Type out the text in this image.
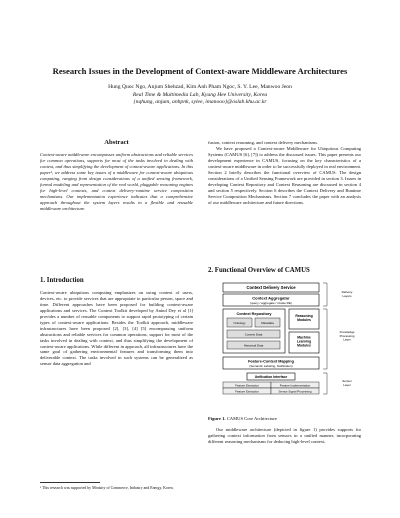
Research Issues in the Development of Context-aware Middleware Architectures
Hung Quoc Ngo, Anjum Shehzad, Kim Anh Pham Ngoc, S. Y. Lee, Manwoo Jeon
Real Time & Multimedia Lab, Kyung Hee University, Korea
{nqhung, anjum, anhpnk, sylee, imanooo}@oslab.khu.ac.kr
Abstract

Context-aware middleware encompasses uniform abstractions and reliable services for common operations, supports for most of the tasks involved in dealing with context, and thus simplifying the development of context-aware applications. In this paper¹, we address some key issues of a middleware for context-aware ubiquitous computing, ranging from design considerations of a unified sensing framework, formal modeling and representation of the real world, pluggable reasoning engines for high-level contexts, and context delivery-runtime service composition mechanisms. Our implementation experience indicates that a comprehensive approach throughout the system layers results in a flexible and reusable middleware architecture.

1. Introduction

Context-aware ubiquitous computing emphasizes on using context of users, devices, etc. to provide services that are appropriate to particular person, space and time. Different approaches have been proposed for building context-aware applications and services. The Context Toolkit developed by Anind Dey et al [1] provides a number of reusable components to support rapid prototyping of certain types of context-aware applications. Besides the Toolkit approach, middleware infrastructures have been proposed [2], [3], [4] [5] encompassing uniform abstractions and reliable services for common operations, support for most of the tasks involved in dealing with context, and thus simplifying the development of context-aware applications. While different in approach, all infrastructures have the same goal of gathering environmental features and transforming them into deliverable context. The tasks involved in such systems can be generalized as sensor data aggregation and

¹ This research was supported by Ministry of Commerce, Industry and Energy, Korea.

fusion, context reasoning, and context delivery mechanisms.

We have proposed a Context-aware Middleware for Ubiquitous Computing Systems (CAMUS [6], [7]) to address the discussed issues. This paper presents our development experience in CAMUS, focusing on the key characteristics of a context-aware middleware in order to be successfully deployed in real environment. Section 2 briefly describes the functional overview of CAMUS. The design considerations of a Unified Sensing Framework are provided in section 3. Issues in developing Context Repository and Context Reasoning are discussed in section 4 and section 5 respectively. Section 6 describes the Context Delivery and Runtime Service Composition Mechanisms. Section 7 concludes the paper with an analysis of our middleware architecture and future directions.

2. Functional Overview of CAMUS
Context Delivery Service
Context Aggregator
(query / aggregate / invoke RE)
Context Repository
Ontology	Metadata
Context Data
Historical Data
Reasoning Modules
Machine Learning Modules
Feature-Context Mapping
(Semantic Labeling, Notification)
Unification Interface
Feature Extraction	Feature Implementation
Feature Extraction	Sensor Signal Processing
Delivery Layers
Knowledge Processing Layer
Sensor Layer
Figure 1. CAMUS Core Architecture

Our middleware architecture (depicted in figure 1) provides supports for gathering context information from sensors in a unified manner, incorporating different reasoning mechanisms for deducing high-level context,
